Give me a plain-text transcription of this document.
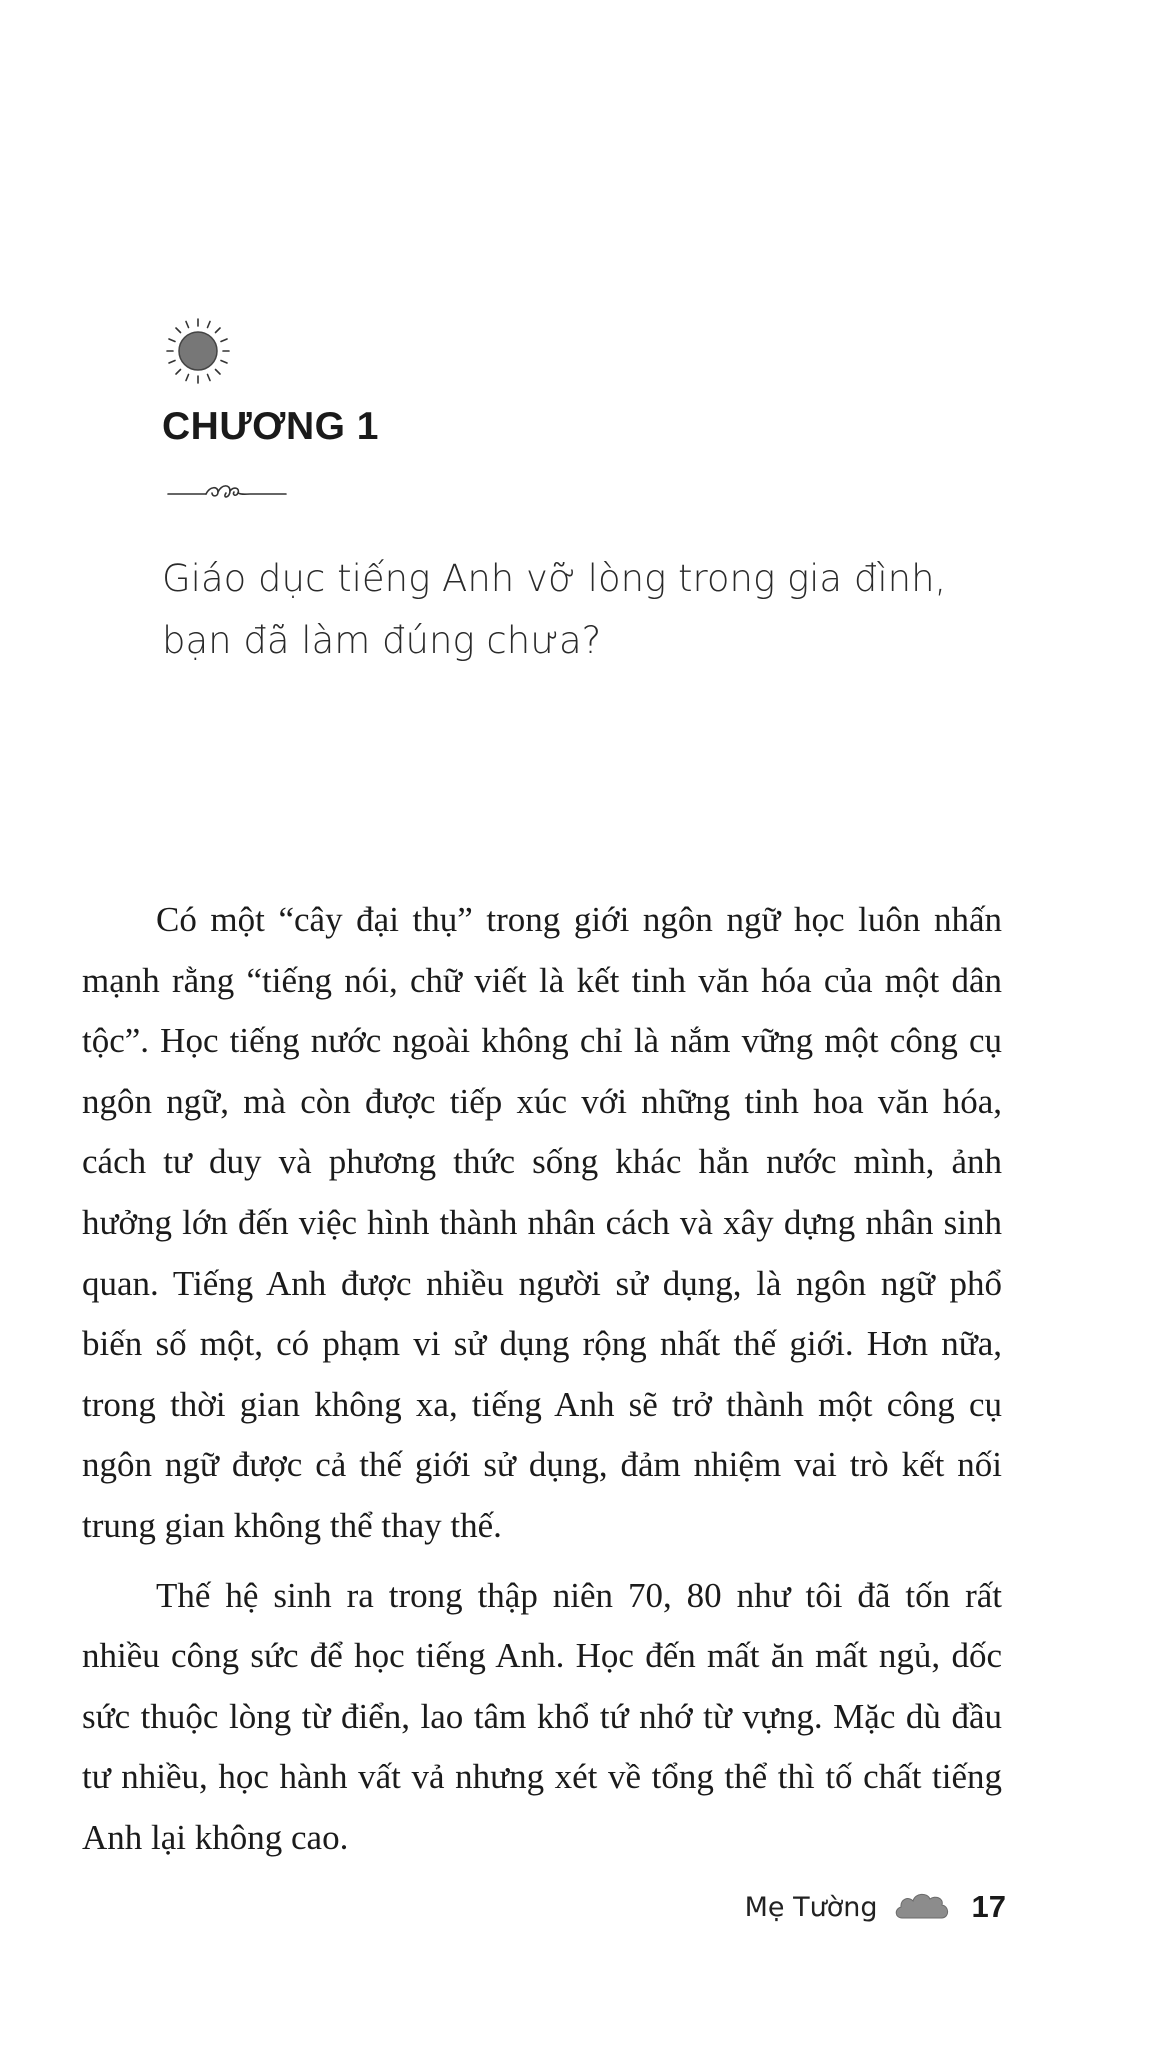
CHƯƠNG 1
Giáo dục tiếng Anh vỡ lòng trong gia đình,
bạn đã làm đúng chưa?

Có một “cây đại thụ” trong giới ngôn ngữ học luôn nhấn mạnh rằng “tiếng nói, chữ viết là kết tinh văn hóa của một dân tộc”. Học tiếng nước ngoài không chỉ là nắm vững một công cụ ngôn ngữ, mà còn được tiếp xúc với những tinh hoa văn hóa, cách tư duy và phương thức sống khác hẳn nước mình, ảnh hưởng lớn đến việc hình thành nhân cách và xây dựng nhân sinh quan. Tiếng Anh được nhiều người sử dụng, là ngôn ngữ phổ biến số một, có phạm vi sử dụng rộng nhất thế giới. Hơn nữa, trong thời gian không xa, tiếng Anh sẽ trở thành một công cụ ngôn ngữ được cả thế giới sử dụng, đảm nhiệm vai trò kết nối trung gian không thể thay thế.

Thế hệ sinh ra trong thập niên 70, 80 như tôi đã tốn rất nhiều công sức để học tiếng Anh. Học đến mất ăn mất ngủ, dốc sức thuộc lòng từ điển, lao tâm khổ tứ nhớ từ vựng. Mặc dù đầu tư nhiều, học hành vất vả nhưng xét về tổng thể thì tố chất tiếng Anh lại không cao.

Mẹ Tường	17
